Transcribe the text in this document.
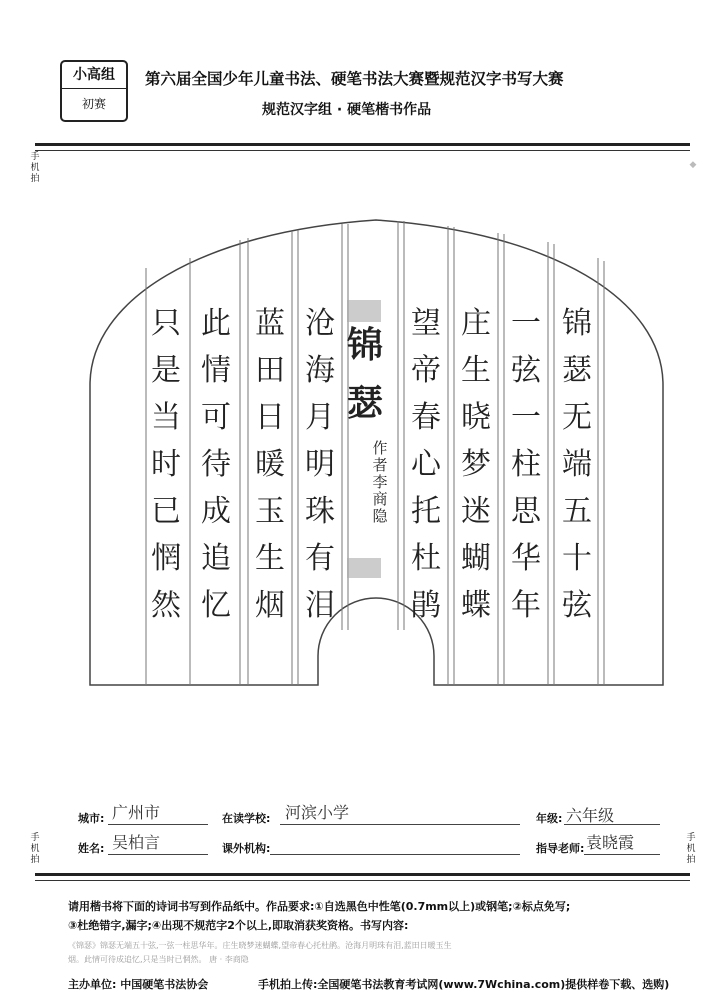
小高组
初赛
第六届全国少年儿童书法、硬笔书法大赛暨规范汉字书写大赛
规范汉字组 · 硬笔楷书作品
手机拍
◆
锦
瑟
无
端
五
十
弦
一
弦
一
柱
思
华
年
庄
生
晓
梦
迷
蝴
蝶
望
帝
春
心
托
杜
鹃
锦瑟
作
者
李
商
隐
沧
海
月
明
珠
有
泪
蓝
田
日
暖
玉
生
烟
此
情
可
待
成
追
忆
只
是
当
时
已
惘
然
城市: 广州市	在读学校: 河滨小学	年级: 六年级
姓名: 吴柏言	课外机构:	指导老师: 袁晓霞
手机拍
手机拍
请用楷书将下面的诗词书写到作品纸中。作品要求:①自选黑色中性笔(0.7mm以上)或钢笔;②标点免写;
③杜绝错字,漏字;④出现不规范字2个以上,即取消获奖资格。书写内容:
《锦瑟》锦瑟无端五十弦,一弦一柱思华年。庄生晓梦迷蝴蝶,望帝春心托杜鹃。沧海月明珠有泪,蓝田日暖玉生
烟。此情可待成追忆,只是当时已惘然。 唐 · 李商隐
主办单位: 中国硬笔书法协会	手机拍上传:全国硬笔书法教育考试网(www.7Wchina.com)提供样卷下载、选购)
